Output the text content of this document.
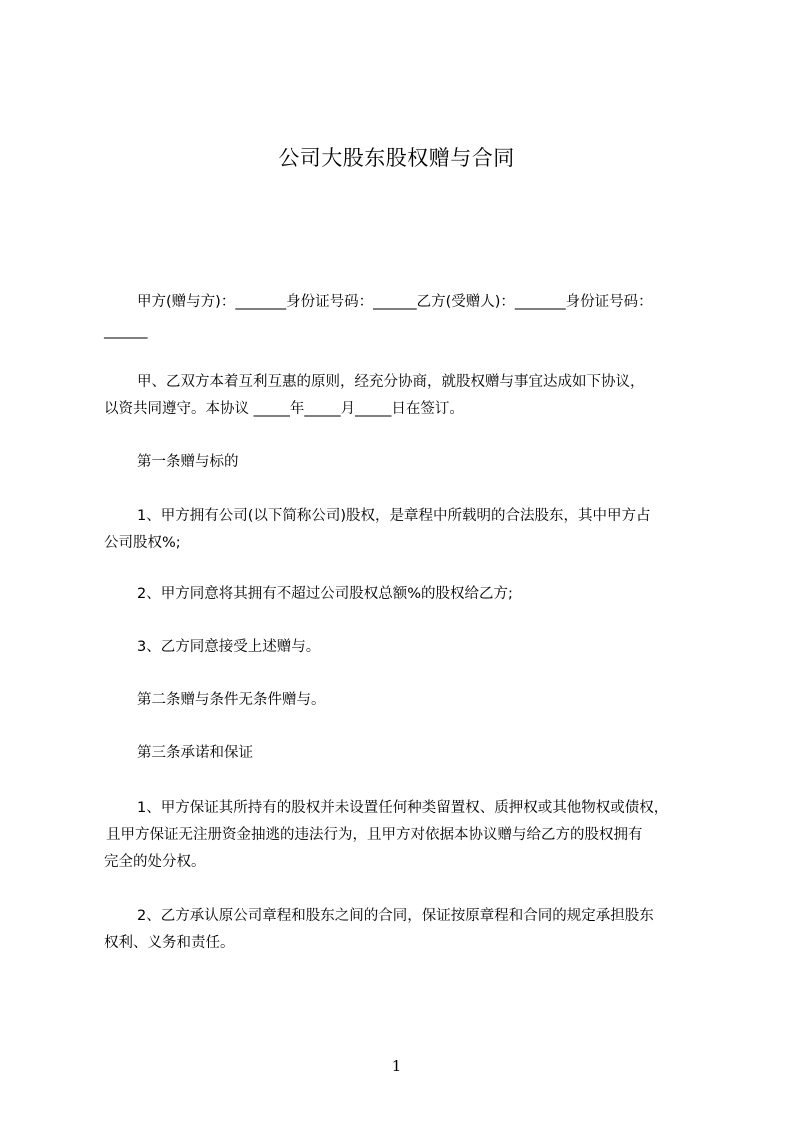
公司大股东股权赠与合同
甲方(赠与方)：_______身份证号码：______乙方(受赠人)：_______身份证号码：
______
甲、乙双方本着互利互惠的原则，经充分协商，就股权赠与事宜达成如下协议，
以资共同遵守。本协议 _____年_____月_____日在签订。
第一条赠与标的
1、甲方拥有公司(以下简称公司)股权，是章程中所载明的合法股东，其中甲方占
公司股权%;
2、甲方同意将其拥有不超过公司股权总额%的股权给乙方;
3、乙方同意接受上述赠与。
第二条赠与条件无条件赠与。
第三条承诺和保证
1、甲方保证其所持有的股权并未设置任何种类留置权、质押权或其他物权或债权，
且甲方保证无注册资金抽逃的违法行为，且甲方对依据本协议赠与给乙方的股权拥有
完全的处分权。
2、乙方承认原公司章程和股东之间的合同，保证按原章程和合同的规定承担股东
权利、义务和责任。
1
